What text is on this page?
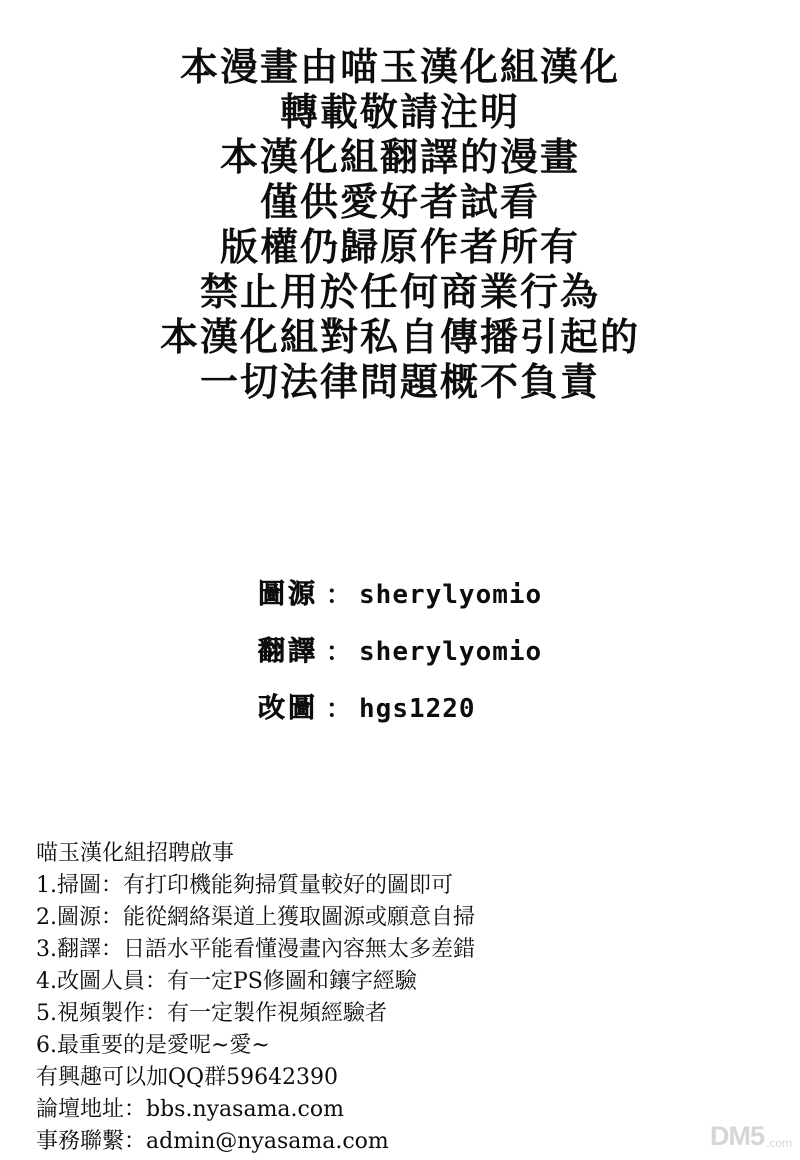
本漫畫由喵玉漢化組漢化
轉載敬請注明
本漢化組翻譯的漫畫
僅供愛好者試看
版權仍歸原作者所有
禁止用於任何商業行為
本漢化組對私自傳播引起的
一切法律問題概不負責
圖源 ： sherylyomio
翻譯 ： sherylyomio
改圖 ： hgs1220
喵玉漢化組招聘啟事
1.掃圖：有打印機能夠掃質量較好的圖即可
2.圖源：能從網絡渠道上獲取圖源或願意自掃
3.翻譯：日語水平能看懂漫畫內容無太多差錯
4.改圖人員：有一定PS修圖和鑲字經驗
5.視頻製作：有一定製作視頻經驗者
6.最重要的是愛呢~愛~
有興趣可以加QQ群59642390
論壇地址：bbs.nyasama.com
事務聯繫：admin@nyasama.com	DM5 .com
